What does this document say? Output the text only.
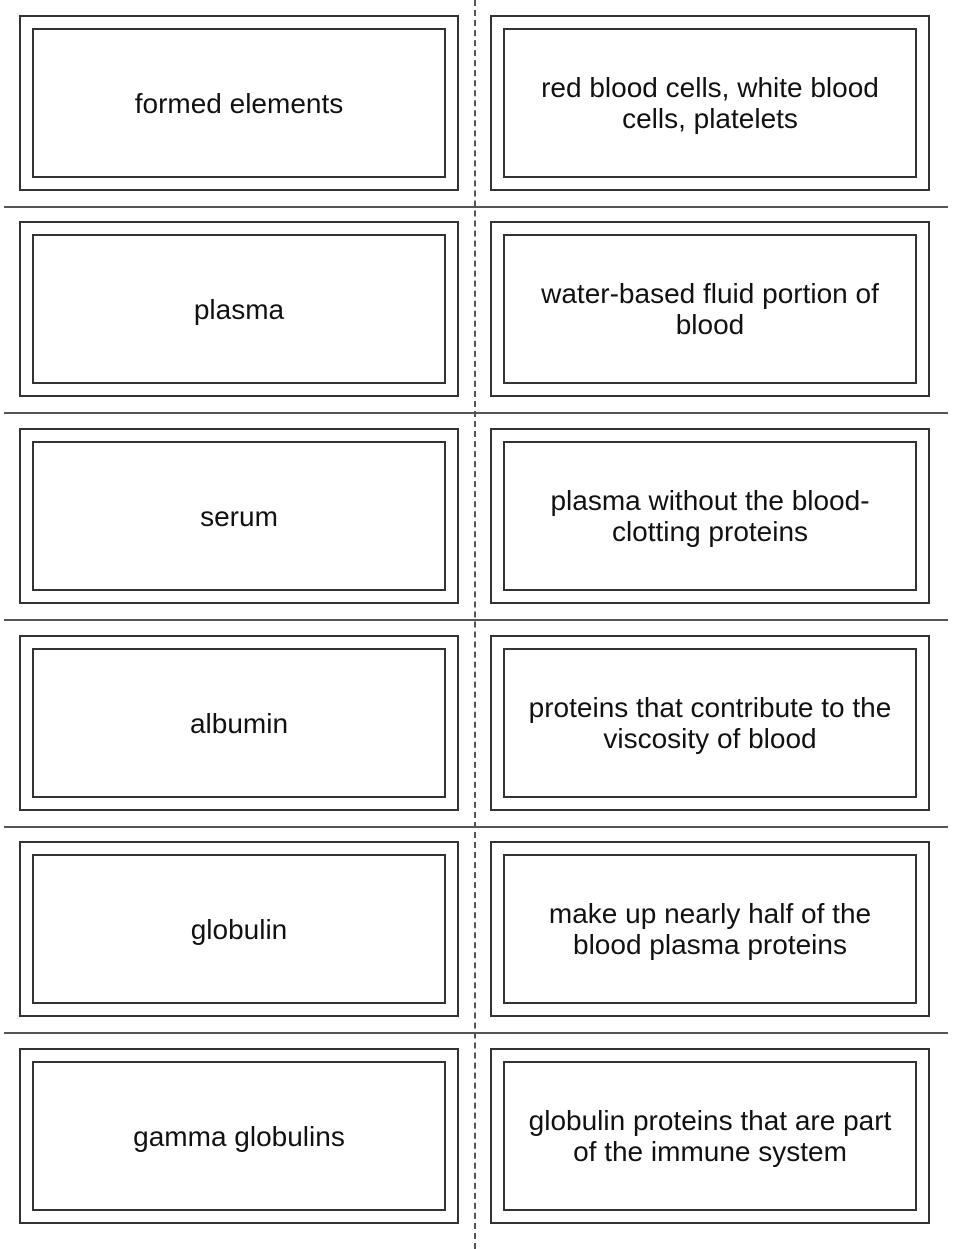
formed elements	red blood cells, white blood cells, platelets
plasma	water-based fluid portion of blood
serum	plasma without the blood-clotting proteins
albumin	proteins that contribute to the viscosity of blood
globulin	make up nearly half of the blood plasma proteins
gamma globulins	globulin proteins that are part of the immune system
